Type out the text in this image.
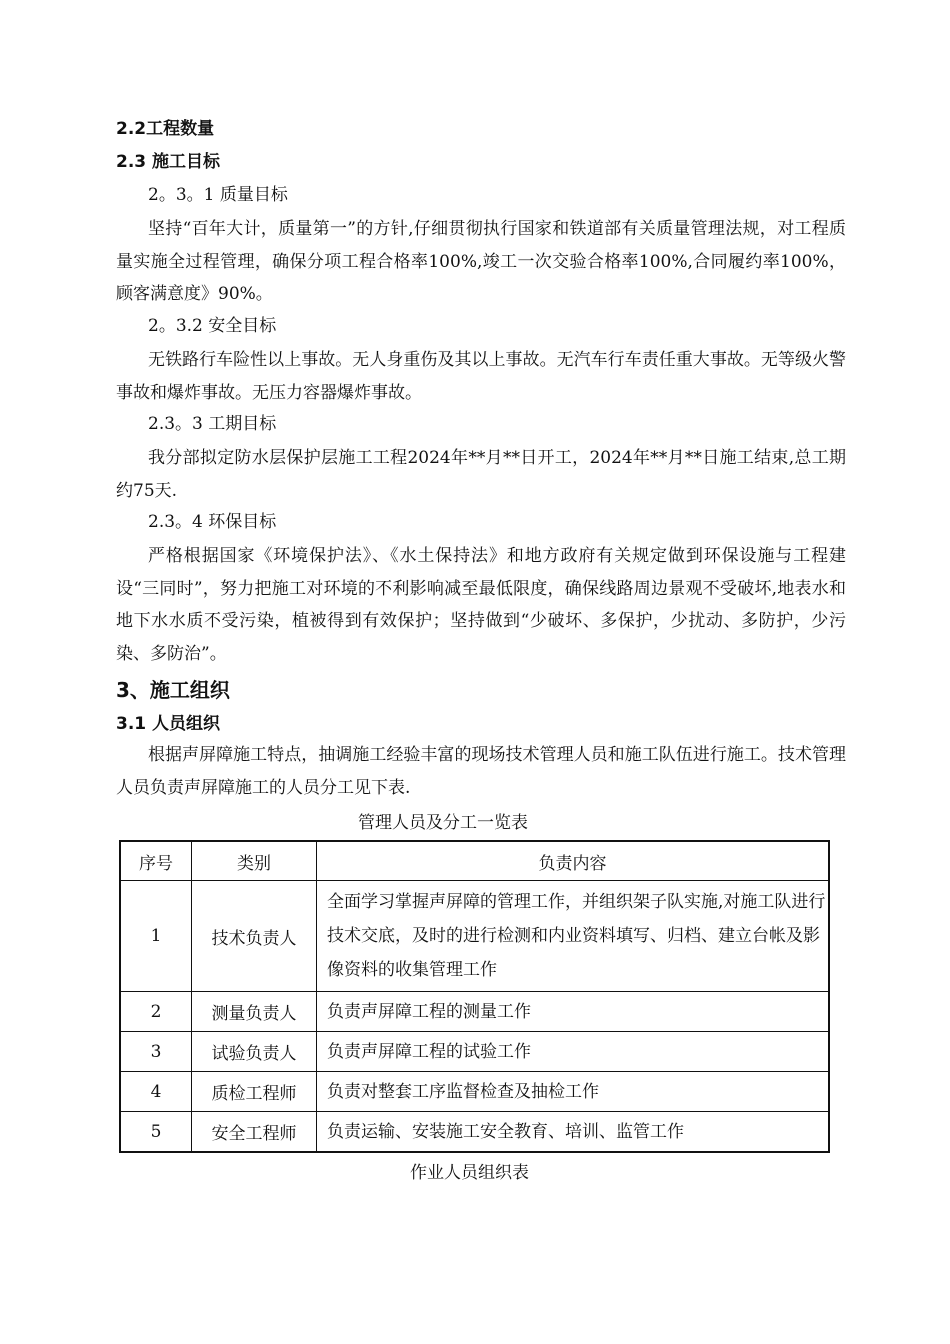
2.2工程数量
2.3 施工目标
2。3。1 质量目标

坚持“百年大计，质量第一”的方针,仔细贯彻执行国家和铁道部有关质量管理法规，对工程质量实施全过程管理，确保分项工程合格率100%,竣工一次交验合格率100%,合同履约率100%，顾客满意度》90%。

2。3.2 安全目标

无铁路行车险性以上事故。无人身重伤及其以上事故。无汽车行车责任重大事故。无等级火警事故和爆炸事故。无压力容器爆炸事故。

2.3。3 工期目标

我分部拟定防水层保护层施工工程2024年**月**日开工，2024年**月**日施工结束,总工期约75天.

2.3。4 环保目标

严格根据国家《环境保护法》、《水土保持法》和地方政府有关规定做到环保设施与工程建设“三同时”，努力把施工对环境的不利影响减至最低限度，确保线路周边景观不受破坏,地表水和地下水水质不受污染，植被得到有效保护；坚持做到“少破坏、多保护，少扰动、多防护，少污染、多防治”。

3、施工组织
3.1 人员组织

根据声屏障施工特点，抽调施工经验丰富的现场技术管理人员和施工队伍进行施工。技术管理人员负责声屏障施工的人员分工见下表.

管理人员及分工一览表
序号	类别	负责内容
1	技术负责人	全面学习掌握声屏障的管理工作，并组织架子队实施,对施工队进行技术交底，及时的进行检测和内业资料填写、归档、建立台帐及影像资料的收集管理工作
2	测量负责人	负责声屏障工程的测量工作
3	试验负责人	负责声屏障工程的试验工作
4	质检工程师	负责对整套工序监督检查及抽检工作
5	安全工程师	负责运输、安装施工安全教育、培训、监管工作
作业人员组织表
